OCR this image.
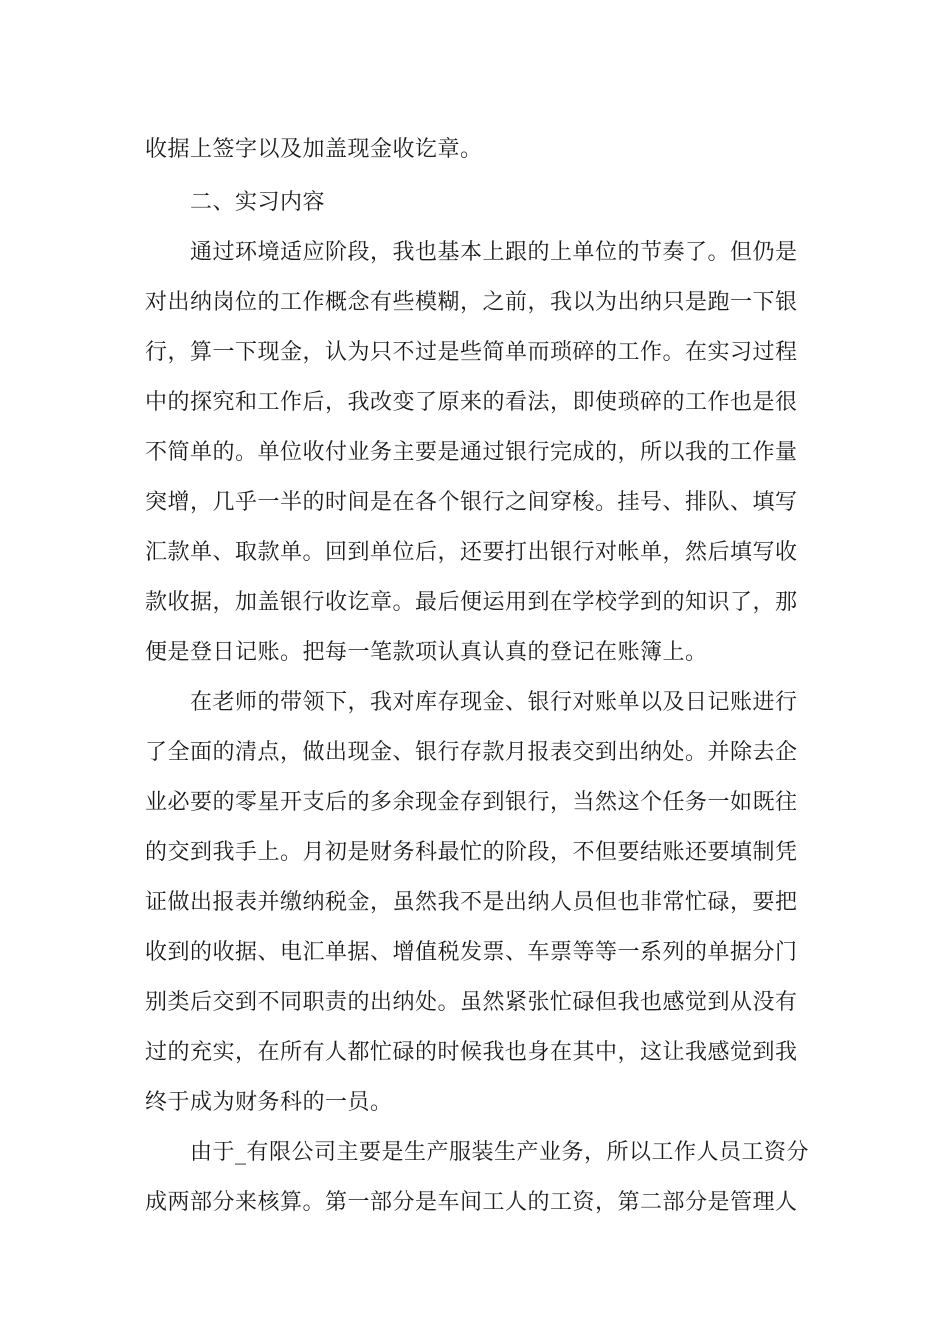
收据上签字以及加盖现金收讫章。
二、实习内容
通过环境适应阶段，我也基本上跟的上单位的节奏了。但仍是
对出纳岗位的工作概念有些模糊，之前，我以为出纳只是跑一下银
行，算一下现金，认为只不过是些简单而琐碎的工作。在实习过程
中的探究和工作后，我改变了原来的看法，即使琐碎的工作也是很
不简单的。单位收付业务主要是通过银行完成的，所以我的工作量
突增，几乎一半的时间是在各个银行之间穿梭。挂号、排队、填写
汇款单、取款单。回到单位后，还要打出银行对帐单，然后填写收
款收据，加盖银行收讫章。最后便运用到在学校学到的知识了，那
便是登日记账。把每一笔款项认真认真的登记在账簿上。
在老师的带领下，我对库存现金、银行对账单以及日记账进行
了全面的清点，做出现金、银行存款月报表交到出纳处。并除去企
业必要的零星开支后的多余现金存到银行，当然这个任务一如既往
的交到我手上。月初是财务科最忙的阶段，不但要结账还要填制凭
证做出报表并缴纳税金，虽然我不是出纳人员但也非常忙碌，要把
收到的收据、电汇单据、增值税发票、车票等等一系列的单据分门
别类后交到不同职责的出纳处。虽然紧张忙碌但我也感觉到从没有
过的充实，在所有人都忙碌的时候我也身在其中，这让我感觉到我
终于成为财务科的一员。
由于_有限公司主要是生产服装生产业务，所以工作人员工资分
成两部分来核算。第一部分是车间工人的工资，第二部分是管理人
